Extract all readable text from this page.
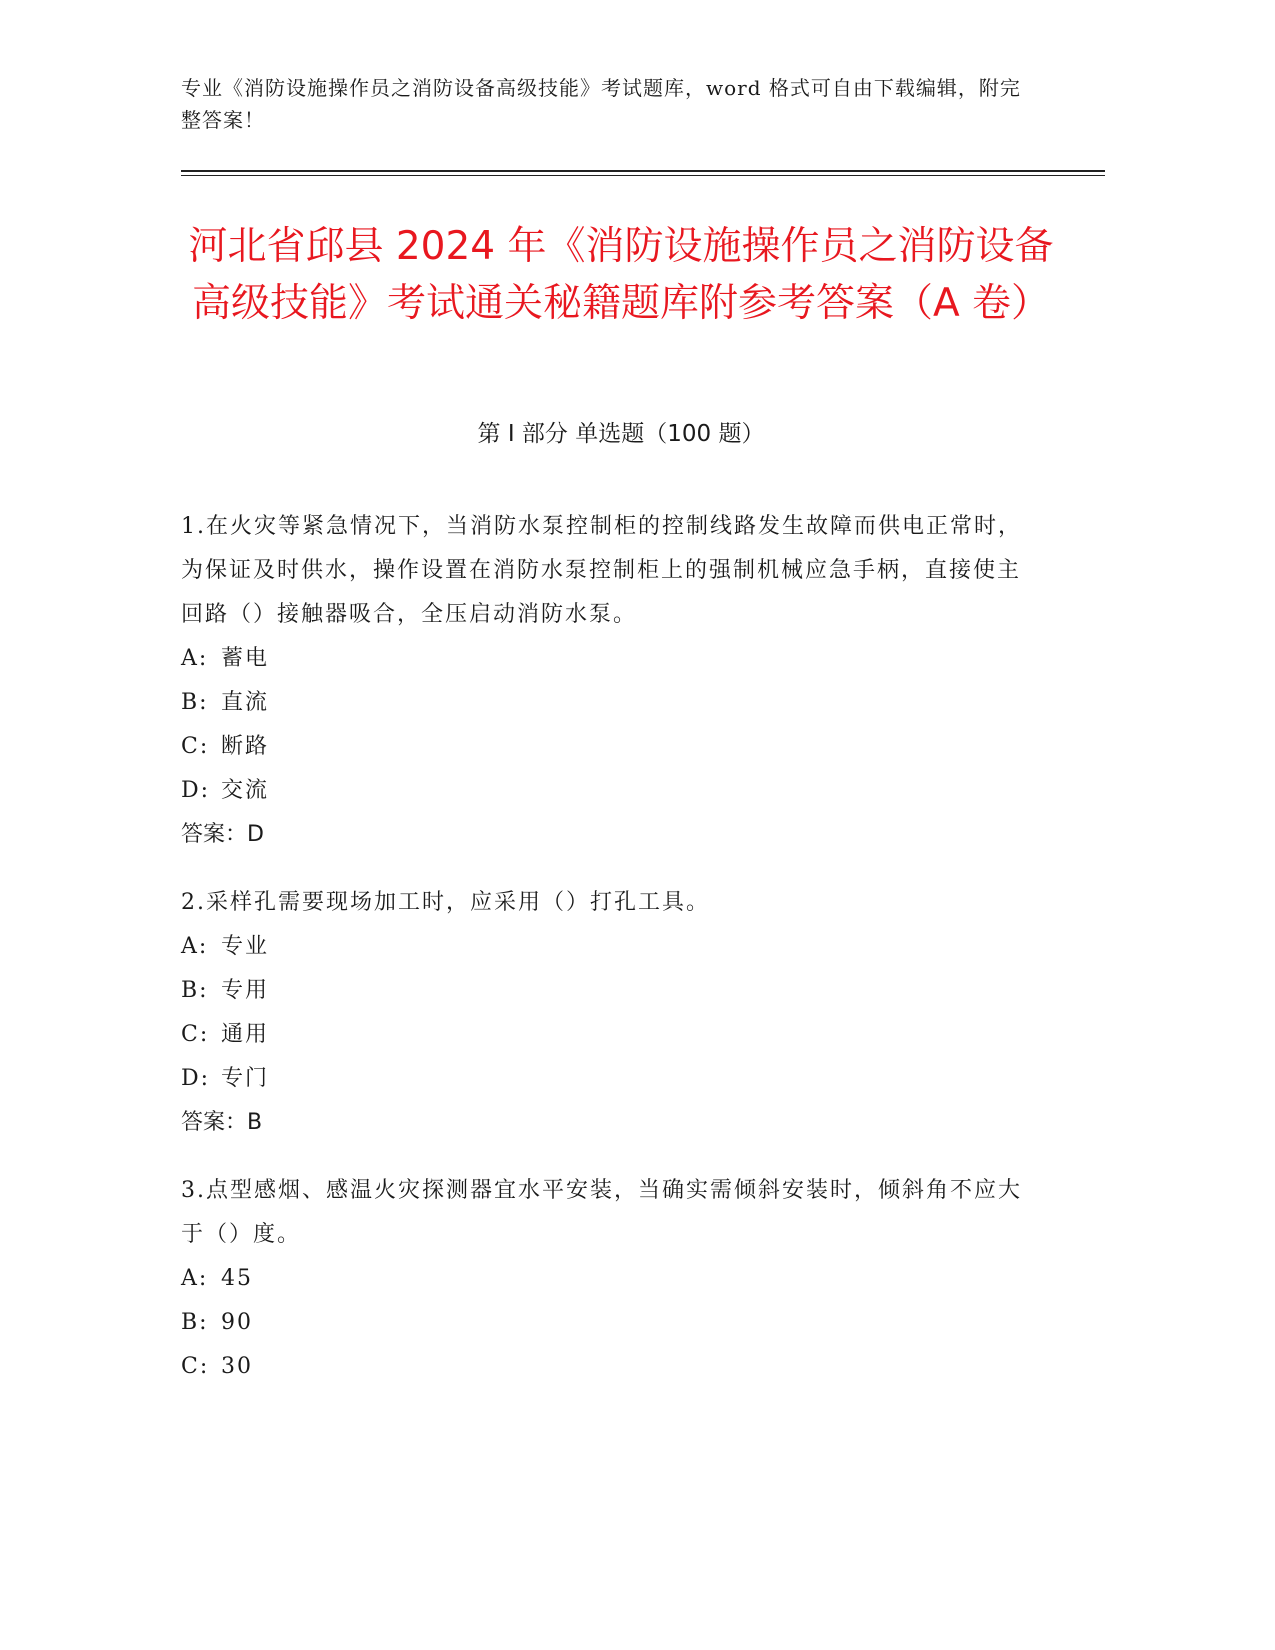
专业《消防设施操作员之消防设备高级技能》考试题库，word 格式可自由下载编辑，附完整答案！
河北省邱县 2024 年《消防设施操作员之消防设备高级技能》考试通关秘籍题库附参考答案（A 卷）
第 I 部分 单选题（100 题）
1.在火灾等紧急情况下，当消防水泵控制柜的控制线路发生故障而供电正常时，为保证及时供水，操作设置在消防水泵控制柜上的强制机械应急手柄，直接使主回路（）接触器吸合，全压启动消防水泵。
A: 蓄电
B: 直流
C: 断路
D: 交流
答案：D
2.采样孔需要现场加工时，应采用（）打孔工具。
A: 专业
B: 专用
C: 通用
D: 专门
答案：B
3.点型感烟、感温火灾探测器宜水平安装，当确实需倾斜安装时，倾斜角不应大于（）度。
A: 45
B: 90
C: 30
